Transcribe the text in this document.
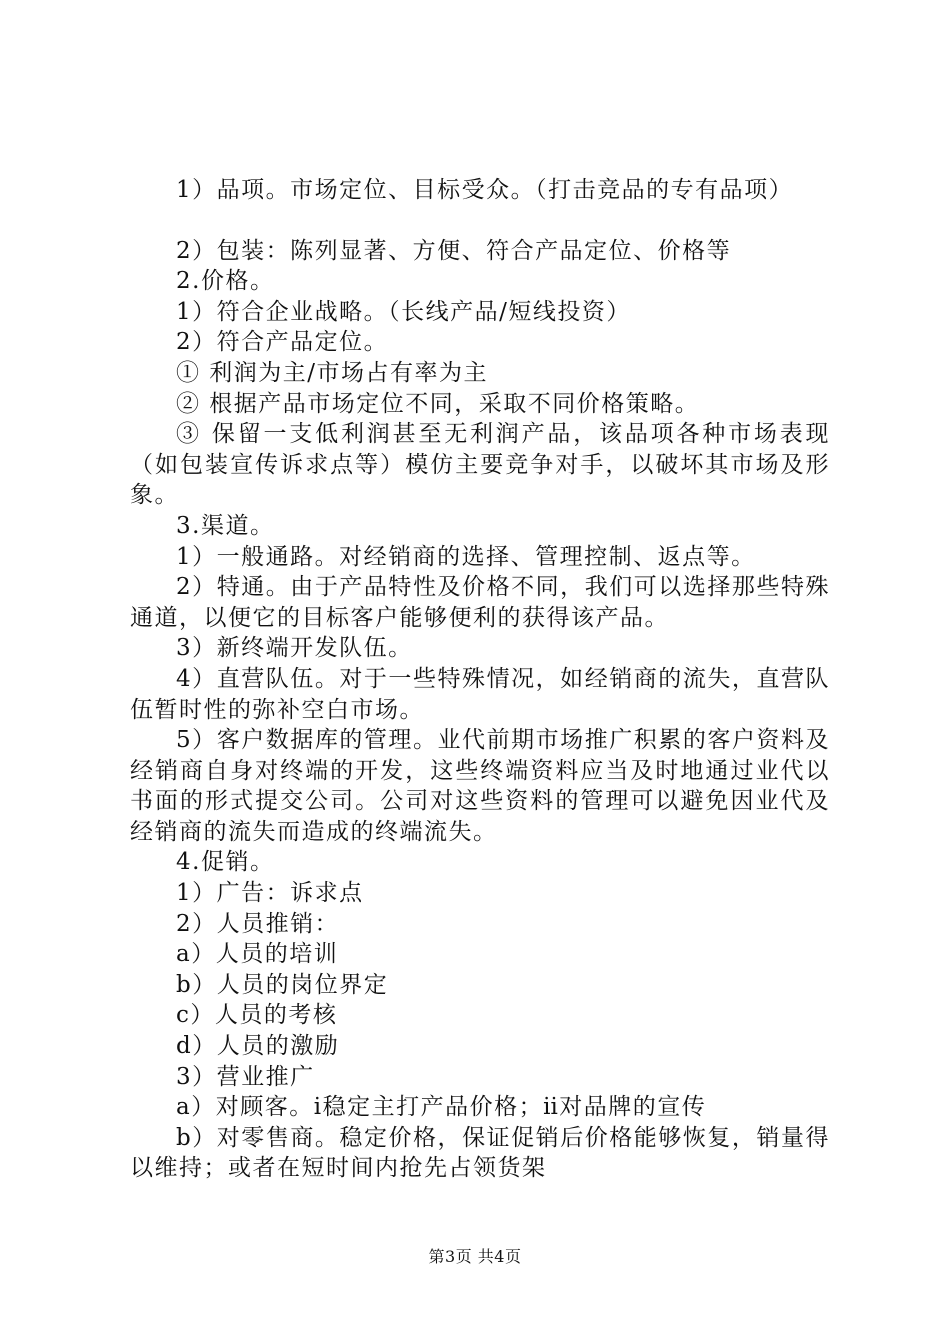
1）品项。市场定位、目标受众。（打击竞品的专有品项）

2）包装：陈列显著、方便、符合产品定位、价格等

2.价格。

1）符合企业战略。（长线产品/短线投资）

2）符合产品定位。

① 利润为主/市场占有率为主

② 根据产品市场定位不同，采取不同价格策略。

③ 保留一支低利润甚至无利润产品，该品项各种市场表现（如包装宣传诉求点等）模仿主要竞争对手，以破坏其市场及形象。

3.渠道。

1）一般通路。对经销商的选择、管理控制、返点等。

2）特通。由于产品特性及价格不同，我们可以选择那些特殊通道，以便它的目标客户能够便利的获得该产品。

3）新终端开发队伍。

4）直营队伍。对于一些特殊情况，如经销商的流失，直营队伍暂时性的弥补空白市场。

5）客户数据库的管理。业代前期市场推广积累的客户资料及经销商自身对终端的开发，这些终端资料应当及时地通过业代以书面的形式提交公司。公司对这些资料的管理可以避免因业代及经销商的流失而造成的终端流失。

4.促销。

1）广告：诉求点

2）人员推销：

a）人员的培训

b）人员的岗位界定

c）人员的考核

d）人员的激励

3）营业推广

a）对顾客。ⅰ稳定主打产品价格；ⅱ对品牌的宣传

b）对零售商。稳定价格，保证促销后价格能够恢复，销量得以维持；或者在短时间内抢先占领货架

第3页 共4页
